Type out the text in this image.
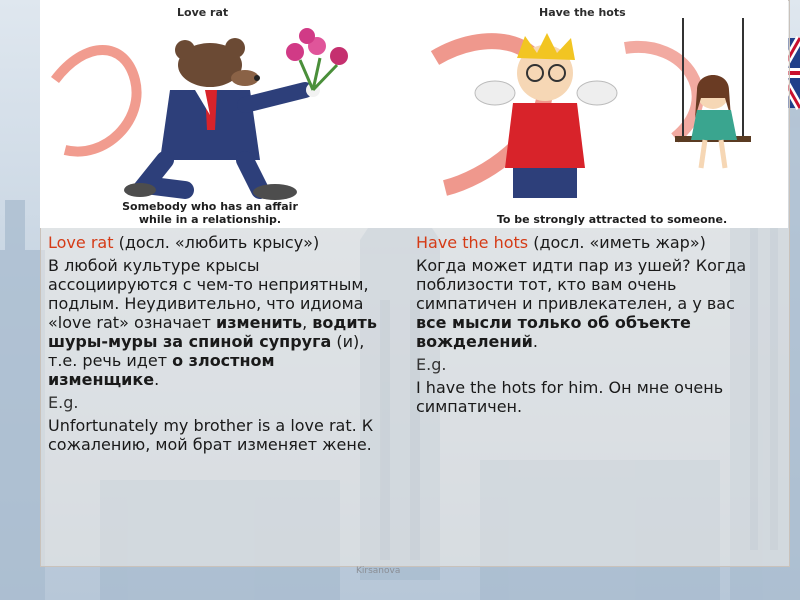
Love rat
Somebody who has an affair
while in a relationship.
Have the hots
To be strongly attracted to someone.

Love rat (досл. «любить крысу»)

В любой культуре крысы ассоциируются с чем-то неприятным, подлым. Неудивительно, что идиома «love rat» означает изменить, водить шуры-муры за спиной супруга (и), т.е. речь идет о злостном изменщике.

E.g.

Unfortunately my brother is a love rat. К сожалению, мой брат изменяет жене.

Have the hots (досл. «иметь жар»)

Когда может идти пар из ушей? Когда поблизости тот, кто вам очень симпатичен и привлекателен, а у вас все мысли только об объекте вожделений.

E.g.

I have the hots for him. Он мне очень симпатичен.

Kirsanova
